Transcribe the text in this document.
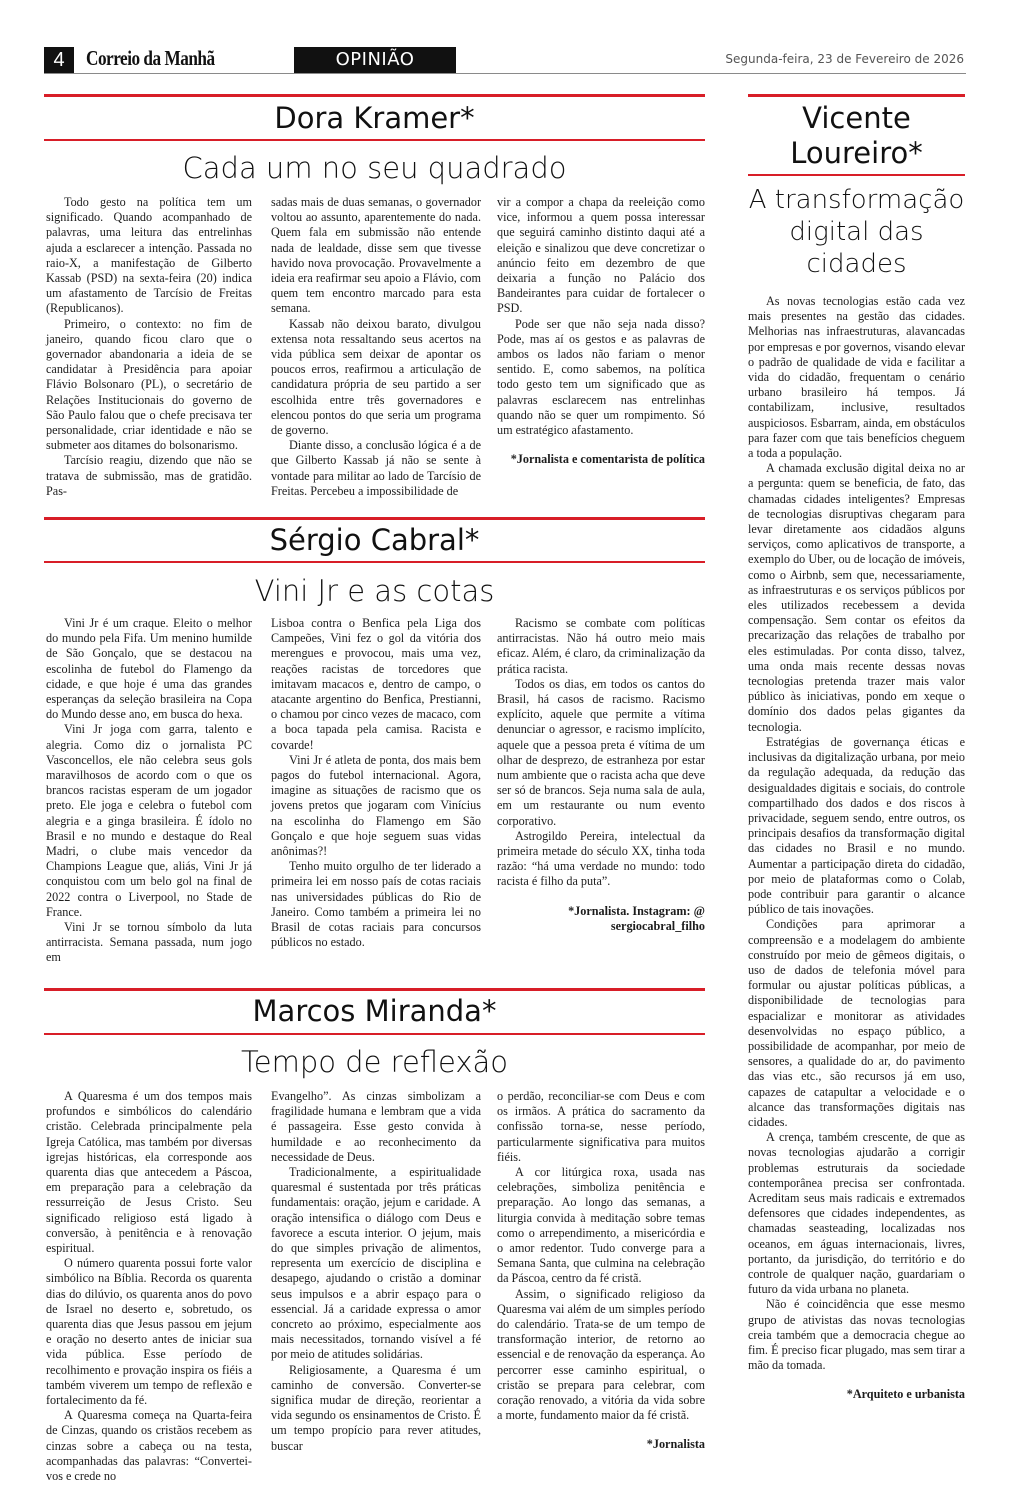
4	Correio da Manhã	OPINIÃO	Segunda-feira, 23 de Fevereiro de 2026
Dora Kramer*
Cada um no seu quadrado

Todo gesto na política tem um significado. Quando acompanhado de palavras, uma leitura das entrelinhas ajuda a esclarecer a intenção. Passada no raio-X, a manifestação de Gilberto Kassab (PSD) na sexta-feira (20) indica um afastamento de Tarcísio de Freitas (Republicanos).

Primeiro, o contexto: no fim de janeiro, quando ficou claro que o governador abandonaria a ideia de se candidatar à Presidência para apoiar Flávio Bolsonaro (PL), o secretário de Relações Institucionais do governo de São Paulo falou que o chefe precisava ter personalidade, criar identidade e não se submeter aos ditames do bolsonarismo.

Tarcísio reagiu, dizendo que não se tratava de submissão, mas de gratidão. Pas-

sadas mais de duas semanas, o governador voltou ao assunto, aparentemente do nada. Quem fala em submissão não entende nada de lealdade, disse sem que tivesse havido nova provocação. Provavelmente a ideia era reafirmar seu apoio a Flávio, com quem tem encontro marcado para esta semana.

Kassab não deixou barato, divulgou extensa nota ressaltando seus acertos na vida pública sem deixar de apontar os poucos erros, reafirmou a articulação de candidatura própria de seu partido a ser escolhida entre três governadores e elencou pontos do que seria um programa de governo.

Diante disso, a conclusão lógica é a de que Gilberto Kassab já não se sente à vontade para militar ao lado de Tarcísio de Freitas. Percebeu a impossibilidade de

vir a compor a chapa da reeleição como vice, informou a quem possa interessar que seguirá caminho distinto daqui até a eleição e sinalizou que deve concretizar o anúncio feito em dezembro de que deixaria a função no Palácio dos Bandeirantes para cuidar de fortalecer o PSD.

Pode ser que não seja nada disso? Pode, mas aí os gestos e as palavras de ambos os lados não fariam o menor sentido. E, como sabemos, na política todo gesto tem um significado que as palavras esclarecem nas entrelinhas quando não se quer um rompimento. Só um estratégico afastamento.

*Jornalista e comentarista de política

Sérgio Cabral*
Vini Jr e as cotas

Vini Jr é um craque. Eleito o melhor do mundo pela Fifa. Um menino humilde de São Gonçalo, que se destacou na escolinha de futebol do Flamengo da cidade, e que hoje é uma das grandes esperanças da seleção brasileira na Copa do Mundo desse ano, em busca do hexa.

Vini Jr joga com garra, talento e alegria. Como diz o jornalista PC Vasconcellos, ele não celebra seus gols maravilhosos de acordo com o que os brancos racistas esperam de um jogador preto. Ele joga e celebra o futebol com alegria e a ginga brasileira. É ídolo no Brasil e no mundo e destaque do Real Madri, o clube mais vencedor da Champions League que, aliás, Vini Jr já conquistou com um belo gol na final de 2022 contra o Liverpool, no Stade de France.

Vini Jr se tornou símbolo da luta antirracista. Semana passada, num jogo em

Lisboa contra o Benfica pela Liga dos Campeões, Vini fez o gol da vitória dos merengues e provocou, mais uma vez, reações racistas de torcedores que imitavam macacos e, dentro de campo, o atacante argentino do Benfica, Prestianni, o chamou por cinco vezes de macaco, com a boca tapada pela camisa. Racista e covarde!

Vini Jr é atleta de ponta, dos mais bem pagos do futebol internacional. Agora, imagine as situações de racismo que os jovens pretos que jogaram com Vinícius na escolinha do Flamengo em São Gonçalo e que hoje seguem suas vidas anônimas?!

Tenho muito orgulho de ter liderado a primeira lei em nosso país de cotas raciais nas universidades públicas do Rio de Janeiro. Como também a primeira lei no Brasil de cotas raciais para concursos públicos no estado.

Racismo se combate com políticas antirracistas. Não há outro meio mais eficaz. Além, é claro, da criminalização da prática racista.

Todos os dias, em todos os cantos do Brasil, há casos de racismo. Racismo explícito, aquele que permite a vítima denunciar o agressor, e racismo implícito, aquele que a pessoa preta é vítima de um olhar de desprezo, de estranheza por estar num ambiente que o racista acha que deve ser só de brancos. Seja numa sala de aula, em um restaurante ou num evento corporativo.

Astrogildo Pereira, intelectual da primeira metade do século XX, tinha toda razão: “há uma verdade no mundo: todo racista é filho da puta”.

*Jornalista. Instagram: @ sergiocabral_filho

Marcos Miranda*
Tempo de reflexão

A Quaresma é um dos tempos mais profundos e simbólicos do calendário cristão. Celebrada principalmente pela Igreja Católica, mas também por diversas igrejas históricas, ela corresponde aos quarenta dias que antecedem a Páscoa, em preparação para a celebração da ressurreição de Jesus Cristo. Seu significado religioso está ligado à conversão, à penitência e à renovação espiritual.

O número quarenta possui forte valor simbólico na Bíblia. Recorda os quarenta dias do dilúvio, os quarenta anos do povo de Israel no deserto e, sobretudo, os quarenta dias que Jesus passou em jejum e oração no deserto antes de iniciar sua vida pública. Esse período de recolhimento e provação inspira os fiéis a também viverem um tempo de reflexão e fortalecimento da fé.

A Quaresma começa na Quarta-feira de Cinzas, quando os cristãos recebem as cinzas sobre a cabeça ou na testa, acompanhadas das palavras: “Convertei-vos e crede no

Evangelho”. As cinzas simbolizam a fragilidade humana e lembram que a vida é passageira. Esse gesto convida à humildade e ao reconhecimento da necessidade de Deus.

Tradicionalmente, a espiritualidade quaresmal é sustentada por três práticas fundamentais: oração, jejum e caridade. A oração intensifica o diálogo com Deus e favorece a escuta interior. O jejum, mais do que simples privação de alimentos, representa um exercício de disciplina e desapego, ajudando o cristão a dominar seus impulsos e a abrir espaço para o essencial. Já a caridade expressa o amor concreto ao próximo, especialmente aos mais necessitados, tornando visível a fé por meio de atitudes solidárias.

Religiosamente, a Quaresma é um caminho de conversão. Converter-se significa mudar de direção, reorientar a vida segundo os ensinamentos de Cristo. É um tempo propício para rever atitudes, buscar

o perdão, reconciliar-se com Deus e com os irmãos. A prática do sacramento da confissão torna-se, nesse período, particularmente significativa para muitos fiéis.

A cor litúrgica roxa, usada nas celebrações, simboliza penitência e preparação. Ao longo das semanas, a liturgia convida à meditação sobre temas como o arrependimento, a misericórdia e o amor redentor. Tudo converge para a Semana Santa, que culmina na celebração da Páscoa, centro da fé cristã.

Assim, o significado religioso da Quaresma vai além de um simples período do calendário. Trata-se de um tempo de transformação interior, de retorno ao essencial e de renovação da esperança. Ao percorrer esse caminho espiritual, o cristão se prepara para celebrar, com coração renovado, a vitória da vida sobre a morte, fundamento maior da fé cristã.

*Jornalista

Vicente Loureiro*
A transformação digital das cidades

As novas tecnologias estão cada vez mais presentes na gestão das cidades. Melhorias nas infraestruturas, alavancadas por empresas e por governos, visando elevar o padrão de qualidade de vida e facilitar a vida do cidadão, frequentam o cenário urbano brasileiro há tempos. Já contabilizam, inclusive, resultados auspiciosos. Esbarram, ainda, em obstáculos para fazer com que tais benefícios cheguem a toda a população.

A chamada exclusão digital deixa no ar a pergunta: quem se beneficia, de fato, das chamadas cidades inteligentes? Empresas de tecnologias disruptivas chegaram para levar diretamente aos cidadãos alguns serviços, como aplicativos de transporte, a exemplo do Uber, ou de locação de imóveis, como o Airbnb, sem que, necessariamente, as infraestruturas e os serviços públicos por eles utilizados recebessem a devida compensação. Sem contar os efeitos da precarização das relações de trabalho por eles estimuladas. Por conta disso, talvez, uma onda mais recente dessas novas tecnologias pretenda trazer mais valor público às iniciativas, pondo em xeque o domínio dos dados pelas gigantes da tecnologia.

Estratégias de governança éticas e inclusivas da digitalização urbana, por meio da regulação adequada, da redução das desigualdades digitais e sociais, do controle compartilhado dos dados e dos riscos à privacidade, seguem sendo, entre outros, os principais desafios da transformação digital das cidades no Brasil e no mundo. Aumentar a participação direta do cidadão, por meio de plataformas como o Colab, pode contribuir para garantir o alcance público de tais inovações.

Condições para aprimorar a compreensão e a modelagem do ambiente construído por meio de gêmeos digitais, o uso de dados de telefonia móvel para formular ou ajustar políticas públicas, a disponibilidade de tecnologias para espacializar e monitorar as atividades desenvolvidas no espaço público, a possibilidade de acompanhar, por meio de sensores, a qualidade do ar, do pavimento das vias etc., são recursos já em uso, capazes de catapultar a velocidade e o alcance das transformações digitais nas cidades.

A crença, também crescente, de que as novas tecnologias ajudarão a corrigir problemas estruturais da sociedade contemporânea precisa ser confrontada. Acreditam seus mais radicais e extremados defensores que cidades independentes, as chamadas seasteading, localizadas nos oceanos, em águas internacionais, livres, portanto, da jurisdição, do território e do controle de qualquer nação, guardariam o futuro da vida urbana no planeta.

Não é coincidência que esse mesmo grupo de ativistas das novas tecnologias creia também que a democracia chegue ao fim. É preciso ficar plugado, mas sem tirar a mão da tomada.

*Arquiteto e urbanista
